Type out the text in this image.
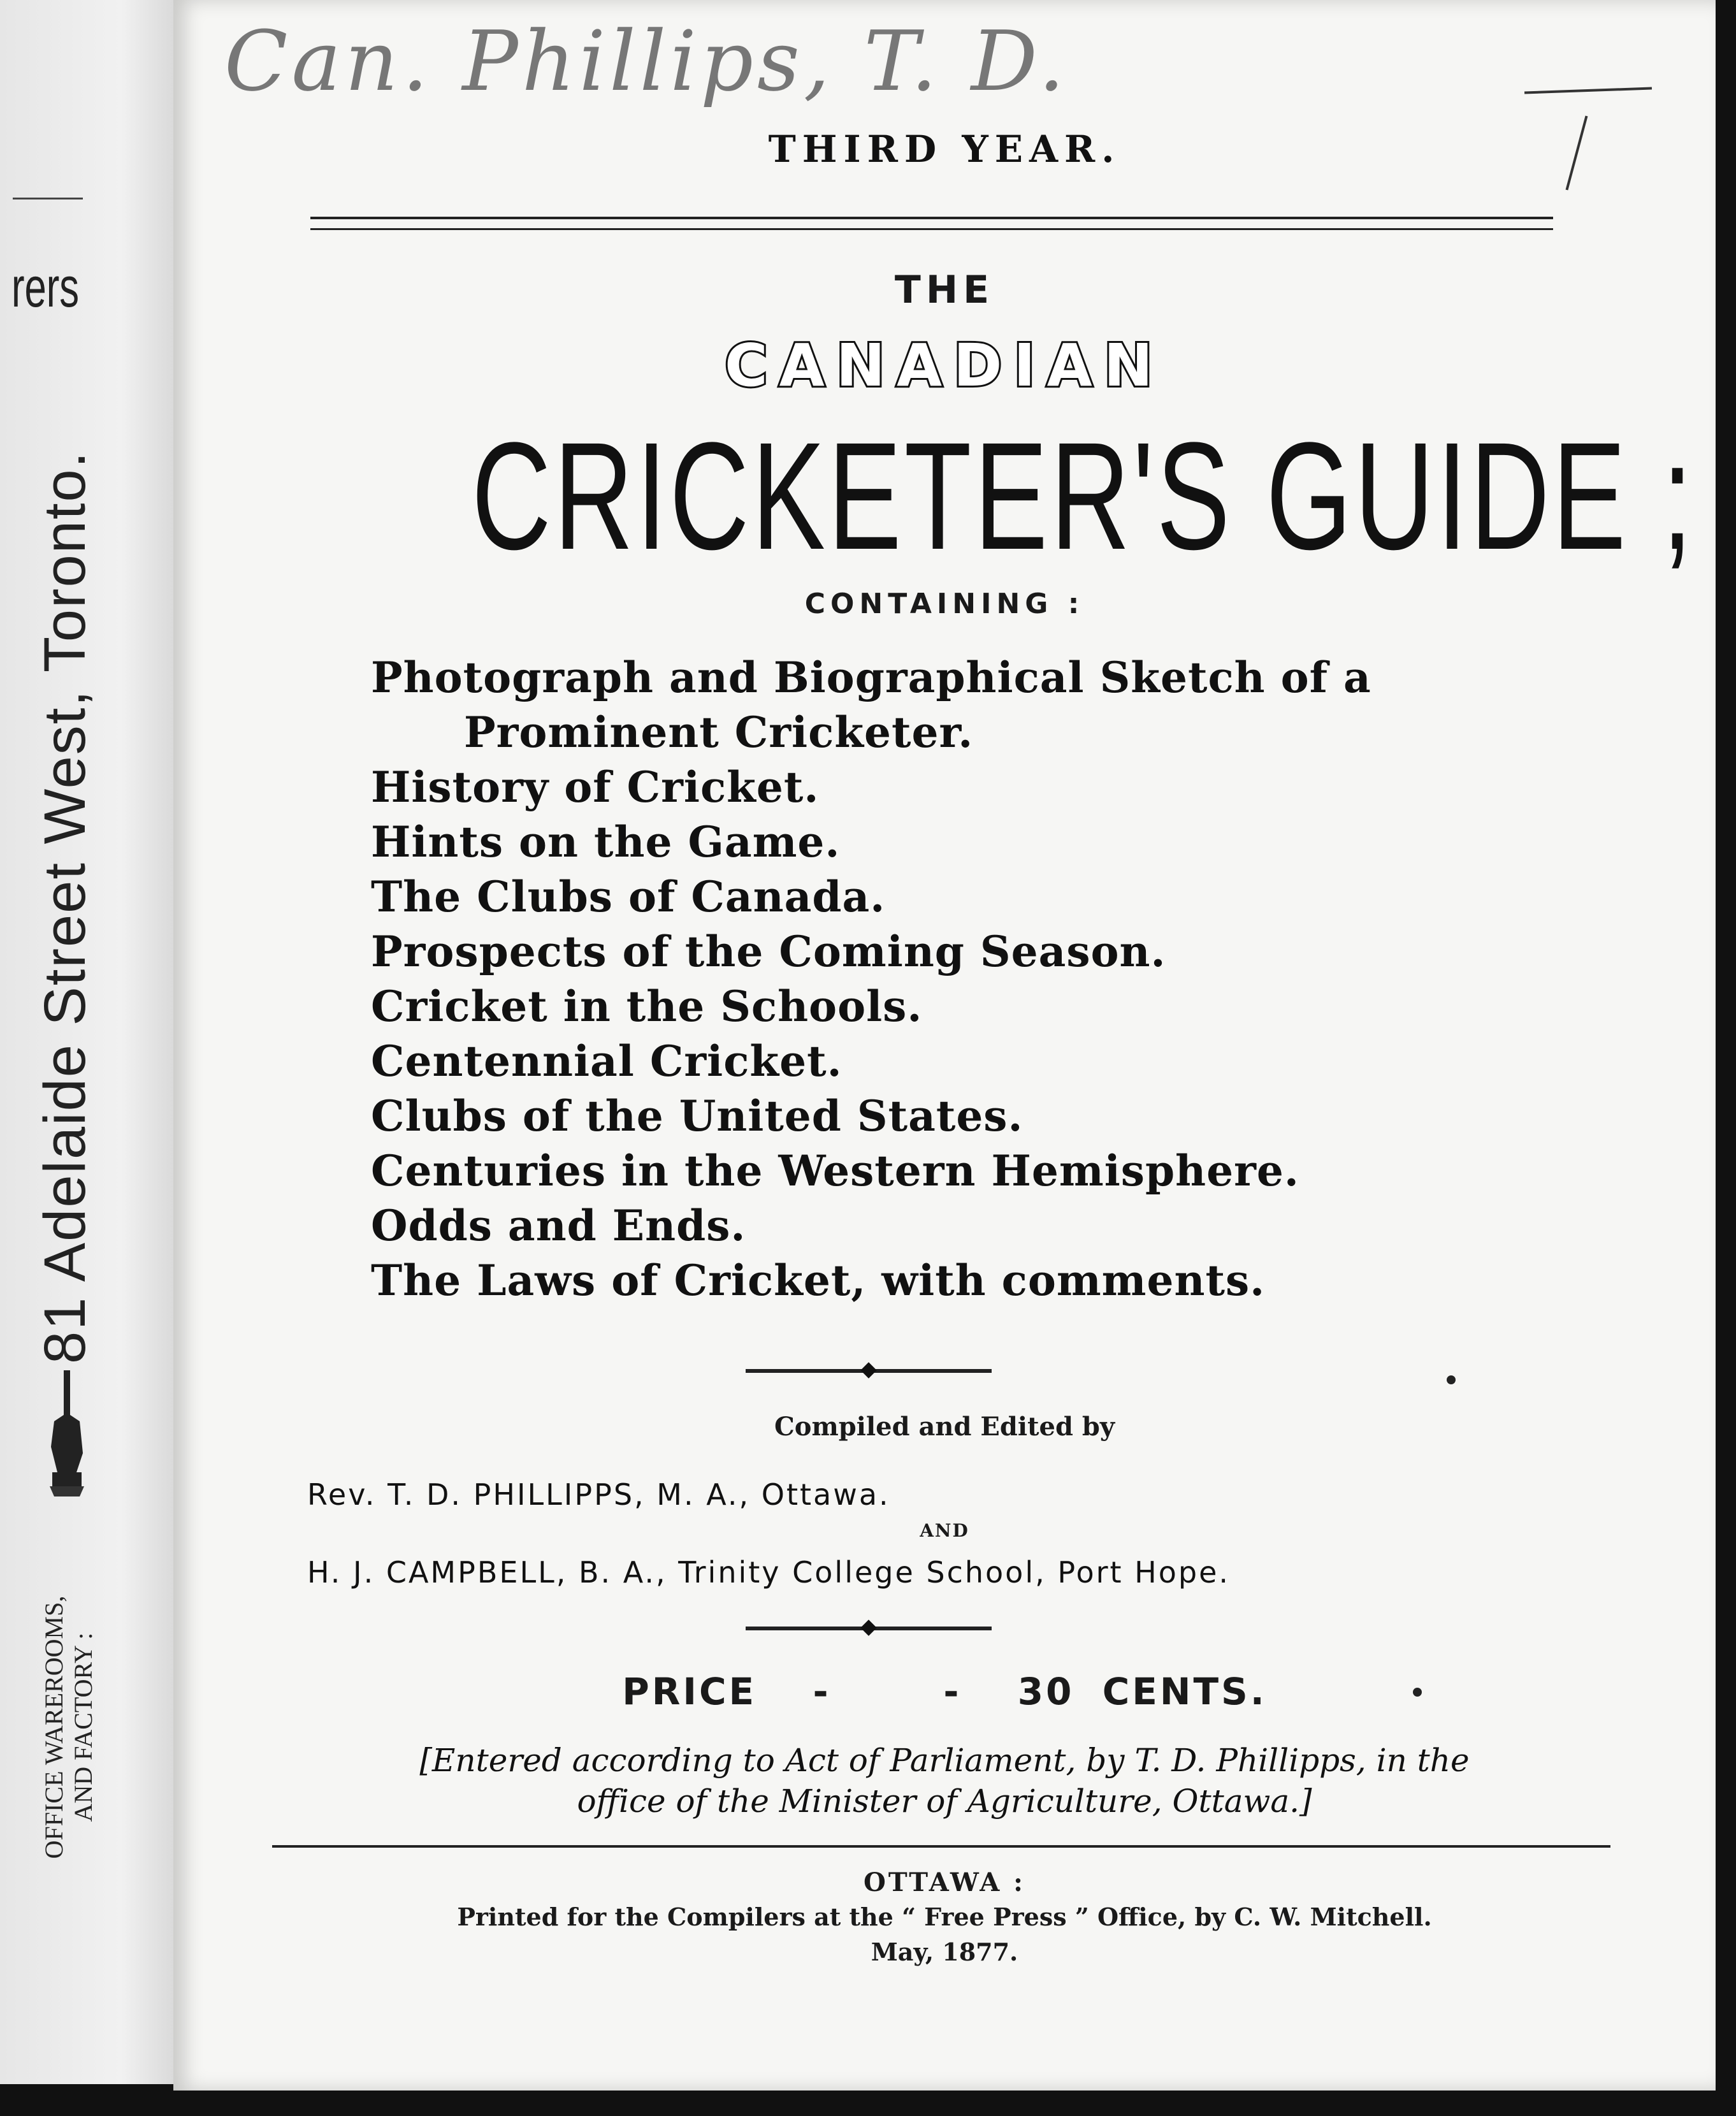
rers
81 Adelaide Street West, Toronto.
OFFICE WAREROOMS, AND FACTORY :
Can. Phillips, T. D.
THIRD YEAR.
THE
CANADIAN
CRICKETER'S GUIDE ;
CONTAINING :
Photograph and Biographical Sketch of a
Prominent Cricketer.
History of Cricket.
Hints on the Game.
The Clubs of Canada.
Prospects of the Coming Season.
Cricket in the Schools.
Centennial Cricket.
Clubs of the United States.
Centuries in the Western Hemisphere.
Odds and Ends.
The Laws of Cricket, with comments.
Compiled and Edited by
Rev. T. D. PHILLIPPS, M. A., Ottawa.
AND
H. J. CAMPBELL, B. A., Trinity College School, Port Hope.
PRICE  -    -  30 CENTS.
[Entered according to Act of Parliament, by T. D. Phillipps, in the
office of the Minister of Agriculture, Ottawa.]
OTTAWA :
Printed for the Compilers at the “ Free Press ” Office, by C. W. Mitchell.
May, 1877.
